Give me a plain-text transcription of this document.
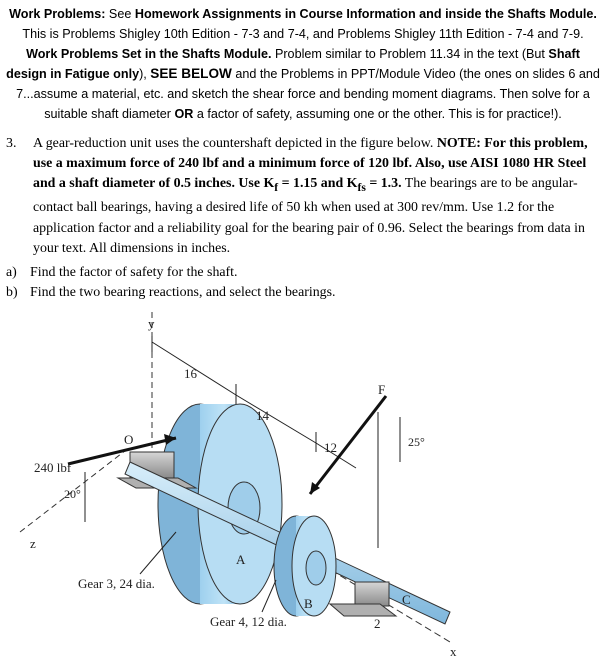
Work Problems: See Homework Assignments in Course Information and inside the Shafts Module. This is Problems Shigley 10th Edition - 7-3 and 7-4, and Problems Shigley 11th Edition - 7-4 and 7-9. Work Problems Set in the Shafts Module. Problem similar to Problem 11.34 in the text (But Shaft design in Fatigue only), SEE BELOW and the Problems in PPT/Module Video (the ones on slides 6 and 7...assume a material, etc. and sketch the shear force and bending moment diagrams. Then solve for a suitable shaft diameter OR a factor of safety, assuming one or the other. This is for practice!).
3. A gear-reduction unit uses the countershaft depicted in the figure below. NOTE: For this problem, use a maximum force of 240 lbf and a minimum force of 120 lbf. Also, use AISI 1080 HR Steel and a shaft diameter of 0.5 inches. Use $K_f = 1.15$ and $K_{fs} = 1.3$. The bearings are to be angular-contact ball bearings, having a desired life of 50 kh when used at 300 rev/mm. Use 1.2 for the application factor and a reliability goal for the bearing pair of 0.96. Select the bearings from data in your text. All dimensions in inches.
a) Find the factor of safety for the shaft.
b) Find the two bearing reactions, and select the bearings.
y
O
z
x
A
B	C
F
240 lbf
20°
25°
16
14
12
2
Gear 3, 24 dia.
Gear 4, 12 dia.
